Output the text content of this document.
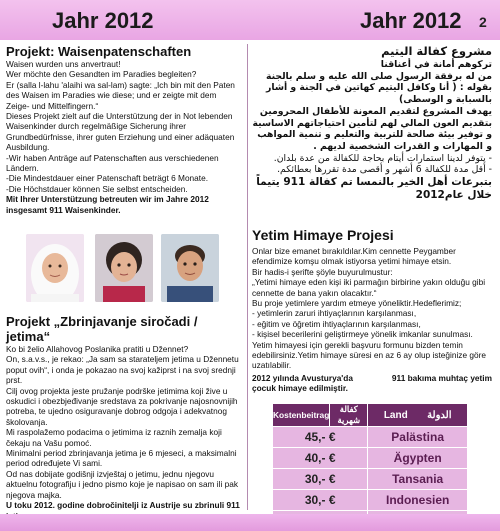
Jahr 2012	Jahr 2012 2
Projekt: Waisenpatenschaften

Waisen wurden uns anvertraut!

Wer möchte den Gesandten im Paradies begleiten?

Er (salla l-lahu 'alaihi wa sal-lam) sagte: „Ich bin mit den Paten des Waisen im Paradies wie diese; und er zeigte mit dem Zeige- und Mittelfingern.“

Dieses Projekt zielt auf die Unterstützung der in Not lebenden Waisenkinder durch regelmäßige Sicherung ihrer Grundbedürfnisse, ihrer guten Erziehung und einer adäquaten Ausbildung.

-Wir haben Anträge auf Patenschaften aus verschiedenen Ländern.

-Die Mindestdauer einer Patenschaft beträgt 6 Monate.

-Die Höchstdauer können Sie selbst entscheiden.

Mit Ihrer Unterstützung betreuten wir im Jahre 2012 insgesamt 911 Waisenkinder.

Projekt „Zbrinjavanje siročadi / jetima“

Ko bi želio Allahovog Poslanika pratiti u Džennet?

On, s.a.v.s., je rekao: „Ja sam sa starateljem jetima u Džennetu poput ovih“, i onda je pokazao na svoj kažiprst i na svoj srednji prst.

Cilj ovog projekta jeste pružanje podrške jetimima koji žive u oskudici i obezbjeđivanje sredstava za pokrivanje najosnovnijih potreba, te ujedno osiguravanje dobrog odgoja i adekvatnog školovanja.

Mi raspolažemo podacima o jetimima iz raznih zemalja koji čekaju na Vašu pomoć.

Minimalni period zbrinjavanja jetima je 6 mjeseci, a maksimalni period određujete Vi sami.

Od nas dobijate godišnji izvještaj o jetimu, jednu njegovu aktuelnu fotografiju i jedno pismo koje je napisao on sam ili pak njegova majka.

U toku 2012. godine dobročinitelji iz Austrije su zbrinuli 911

مشروع كفالة اليتيم

تركوهم أمانة في أعناقنا

من له برفقة الرسول صلى الله عليه و سلم بالجنة بقوله : ( أنا وكافل اليتيم كهاتين في الجنة و أشار بالسبابة و الوسطى)

يهدف المشروع لتقديم المعونة للأطفال المحرومين بتقديم العون المالي لهم لتأمين احتياجاتهم الاساسية و توفير بيئة صالحة للتربية والتعليم و تنمية المواهب و المهارات و القدرات الشخصية لديهم .

- يتوفر لدينا استمارات أيتام بحاجة للكفالة من عدة بلدان.

- أقل مدة للكفالة 6 أشهر و أقصى مدة تقررها بعطائكم.

بتبرعات أهل الخير بالنمسا تم كفالة 911 يتيماً خلال عام2012

Yetim Himaye Projesi

Onlar bize emanet bırakıldılar.Kim cennette Peygamber efendimize komşu olmak istiyorsa yetimi himaye etsin.

Bir hadis-i şerifte şöyle buyurulmustur:

„Yetimi himaye eden kişi iki parmağın birbirine yakın olduğu gibi cennette de bana yakın olacaktır.“

Bu proje yetimlere yardım etmeye yöneliktir.Hedeflerimiz;

- yetimlerin zaruri ihtiyaçlarının karşılanması,

- eğitim ve öğretim ihtiyaçlarının karşılanması,

- kişisel becerilerini geliştirmeye yönelik imkanlar sunulması.

Yetim himayesi için gerekli başvuru formunu bizden temin edebilirsiniz.Yetim himaye süresi en az 6 ay olup isteğinize göre uzatılabilir.

2012 yılında Avusturya'da çocuk himaye edilmiştir.
911 bakıma muhtaç yetim
Kostenbeitrag	كفالة شهرية	Land الدولة
45,- €		Palästina
40,- €		Ägypten
30,- €		Tansania
30,- €		Indonesien
